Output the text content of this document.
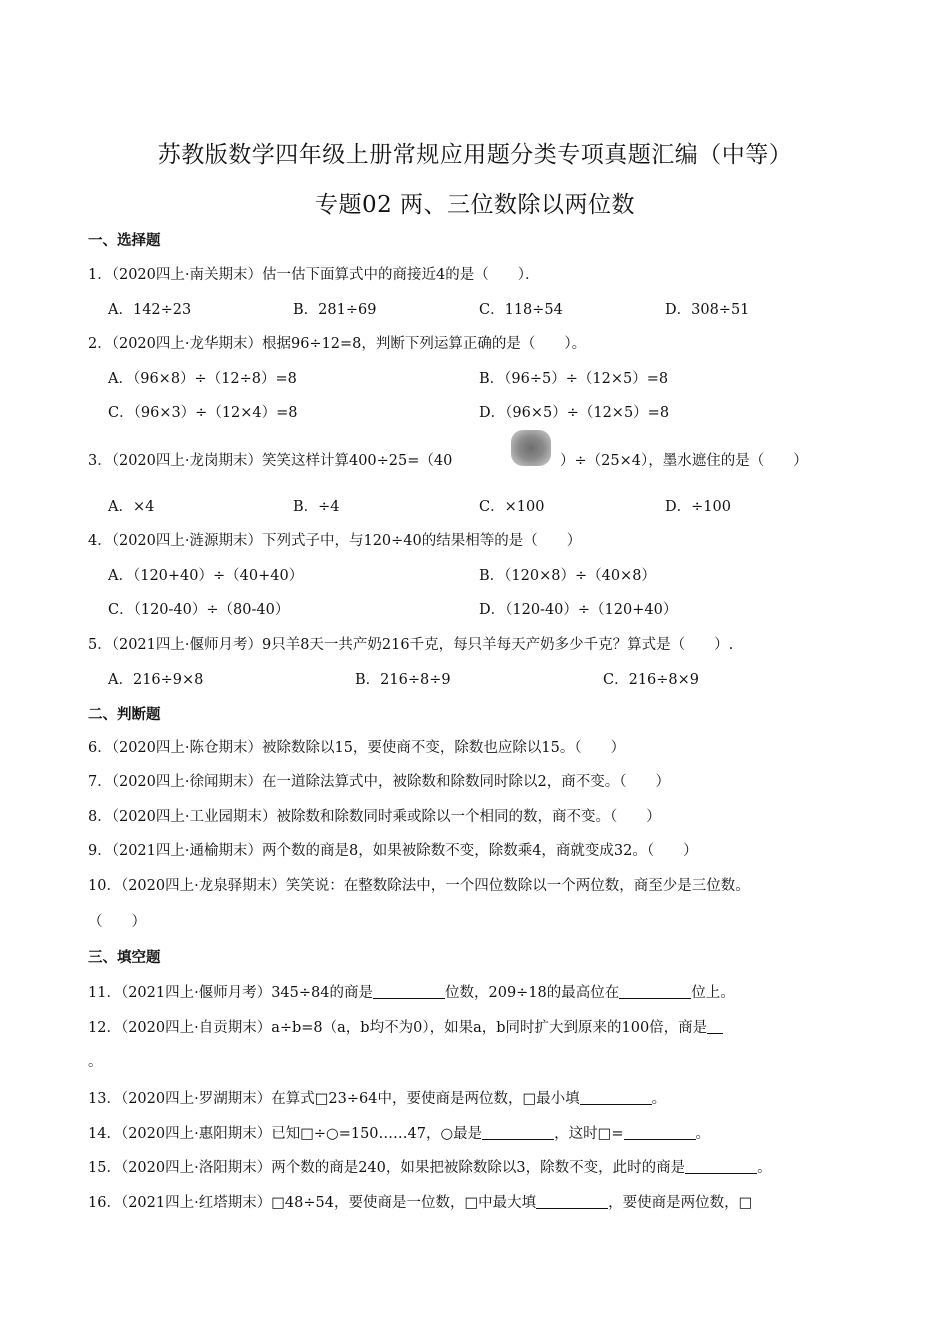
苏教版数学四年级上册常规应用题分类专项真题汇编（中等）
专题02 两、三位数除以两位数
一、选择题
1．（2020四上·南关期末）估一估下面算式中的商接近4的是（　　）．
A．142÷23	B．281÷69	C．118÷54	D．308÷51
2．（2020四上·龙华期末）根据96÷12=8，判断下列运算正确的是（　　）。
A．（96×8）÷（12÷8）=8	B．（96÷5）÷（12×5）=8
C．（96×3）÷（12×4）=8	D．（96×5）÷（12×5）=8
3．（2020四上·龙岗期末）笑笑这样计算400÷25=（40	）÷（25×4），墨水遮住的是（　　）
A．×4	B．÷4	C．×100	D．÷100
4．（2020四上·涟源期末）下列式子中，与120÷40的结果相等的是（　　）
A．（120+40）÷（40+40）	B．（120×8）÷（40×8）
C．（120-40）÷（80-40）	D．（120-40）÷（120+40）
5．（2021四上·偃师月考）9只羊8天一共产奶216千克，每只羊每天产奶多少千克？算式是（　　）.
A．216÷9×8	B．216÷8÷9	C．216÷8×9
二、判断题
6．（2020四上·陈仓期末）被除数除以15，要使商不变，除数也应除以15。（　　）
7．（2020四上·徐闻期末）在一道除法算式中，被除数和除数同时除以2，商不变。（　　）
8．（2020四上·工业园期末）被除数和除数同时乘或除以一个相同的数，商不变。（　　）
9．（2021四上·通榆期末）两个数的商是8，如果被除数不变，除数乘4，商就变成32。（　　）
10．（2020四上·龙泉驿期末）笑笑说：在整数除法中，一个四位数除以一个两位数，商至少是三位数。
（　　）
三、填空题
11．（2021四上·偃师月考）345÷84的商是	位数，209÷18的最高位在	位上。
12．（2020四上·自贡期末）a÷b=8（a，b均不为0），如果a，b同时扩大到原来的100倍，商是
。
13．（2020四上·罗湖期末）在算式□23÷64中，要使商是两位数，□最小填	。
14．（2020四上·惠阳期末）已知□÷○=150……47，○最是	，这时□=	。
15．（2020四上·洛阳期末）两个数的商是240，如果把被除数除以3，除数不变，此时的商是	。
16．（2021四上·红塔期末）□48÷54，要使商是一位数，□中最大填	，要使商是两位数，□
